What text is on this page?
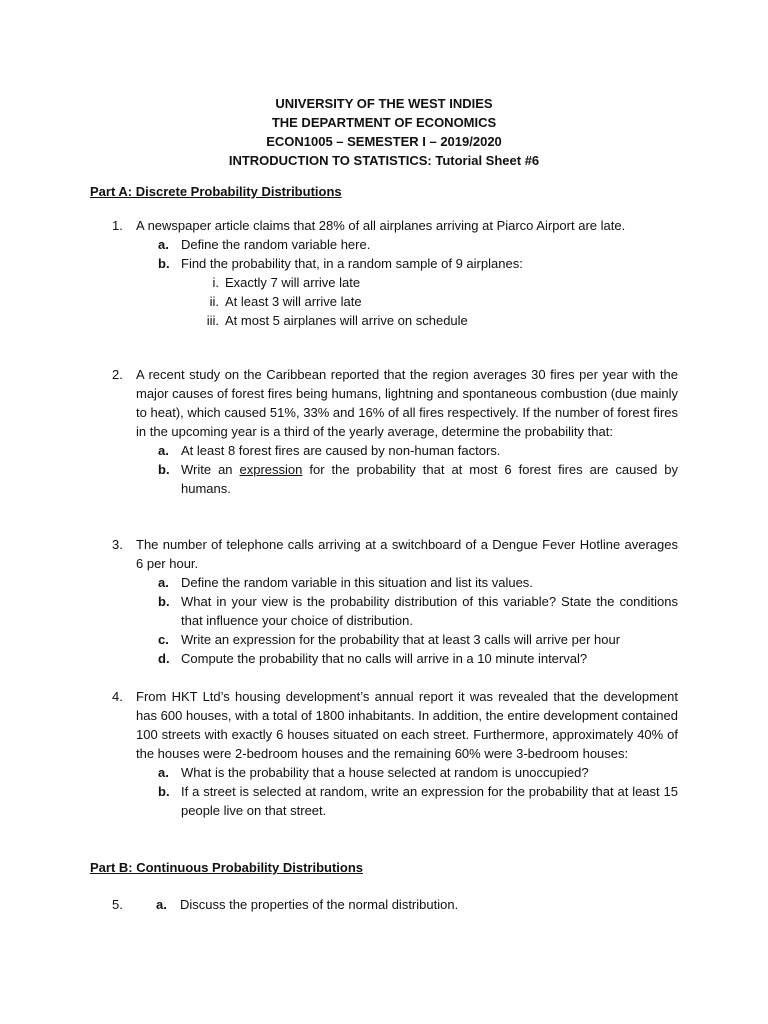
UNIVERSITY OF THE WEST INDIES
THE DEPARTMENT OF ECONOMICS
ECON1005 – SEMESTER I – 2019/2020
INTRODUCTION TO STATISTICS: Tutorial Sheet #6
Part A: Discrete Probability Distributions
1. A newspaper article claims that 28% of all airplanes arriving at Piarco Airport are late.
a. Define the random variable here.
b. Find the probability that, in a random sample of 9 airplanes:
i. Exactly 7 will arrive late
ii. At least 3 will arrive late
iii. At most 5 airplanes will arrive on schedule
2. A recent study on the Caribbean reported that the region averages 30 fires per year with the major causes of forest fires being humans, lightning and spontaneous combustion (due mainly to heat), which caused 51%, 33% and 16% of all fires respectively. If the number of forest fires in the upcoming year is a third of the yearly average, determine the probability that:
a. At least 8 forest fires are caused by non-human factors.
b. Write an expression for the probability that at most 6 forest fires are caused by humans.
3. The number of telephone calls arriving at a switchboard of a Dengue Fever Hotline averages 6 per hour.
a. Define the random variable in this situation and list its values.
b. What in your view is the probability distribution of this variable? State the conditions that influence your choice of distribution.
c. Write an expression for the probability that at least 3 calls will arrive per hour
d. Compute the probability that no calls will arrive in a 10 minute interval?
4. From HKT Ltd’s housing development’s annual report it was revealed that the development has 600 houses, with a total of 1800 inhabitants. In addition, the entire development contained 100 streets with exactly 6 houses situated on each street. Furthermore, approximately 40% of the houses were 2-bedroom houses and the remaining 60% were 3-bedroom houses:
a. What is the probability that a house selected at random is unoccupied?
b. If a street is selected at random, write an expression for the probability that at least 15 people live on that street.
Part B: Continuous Probability Distributions
5.	a. Discuss the properties of the normal distribution.
